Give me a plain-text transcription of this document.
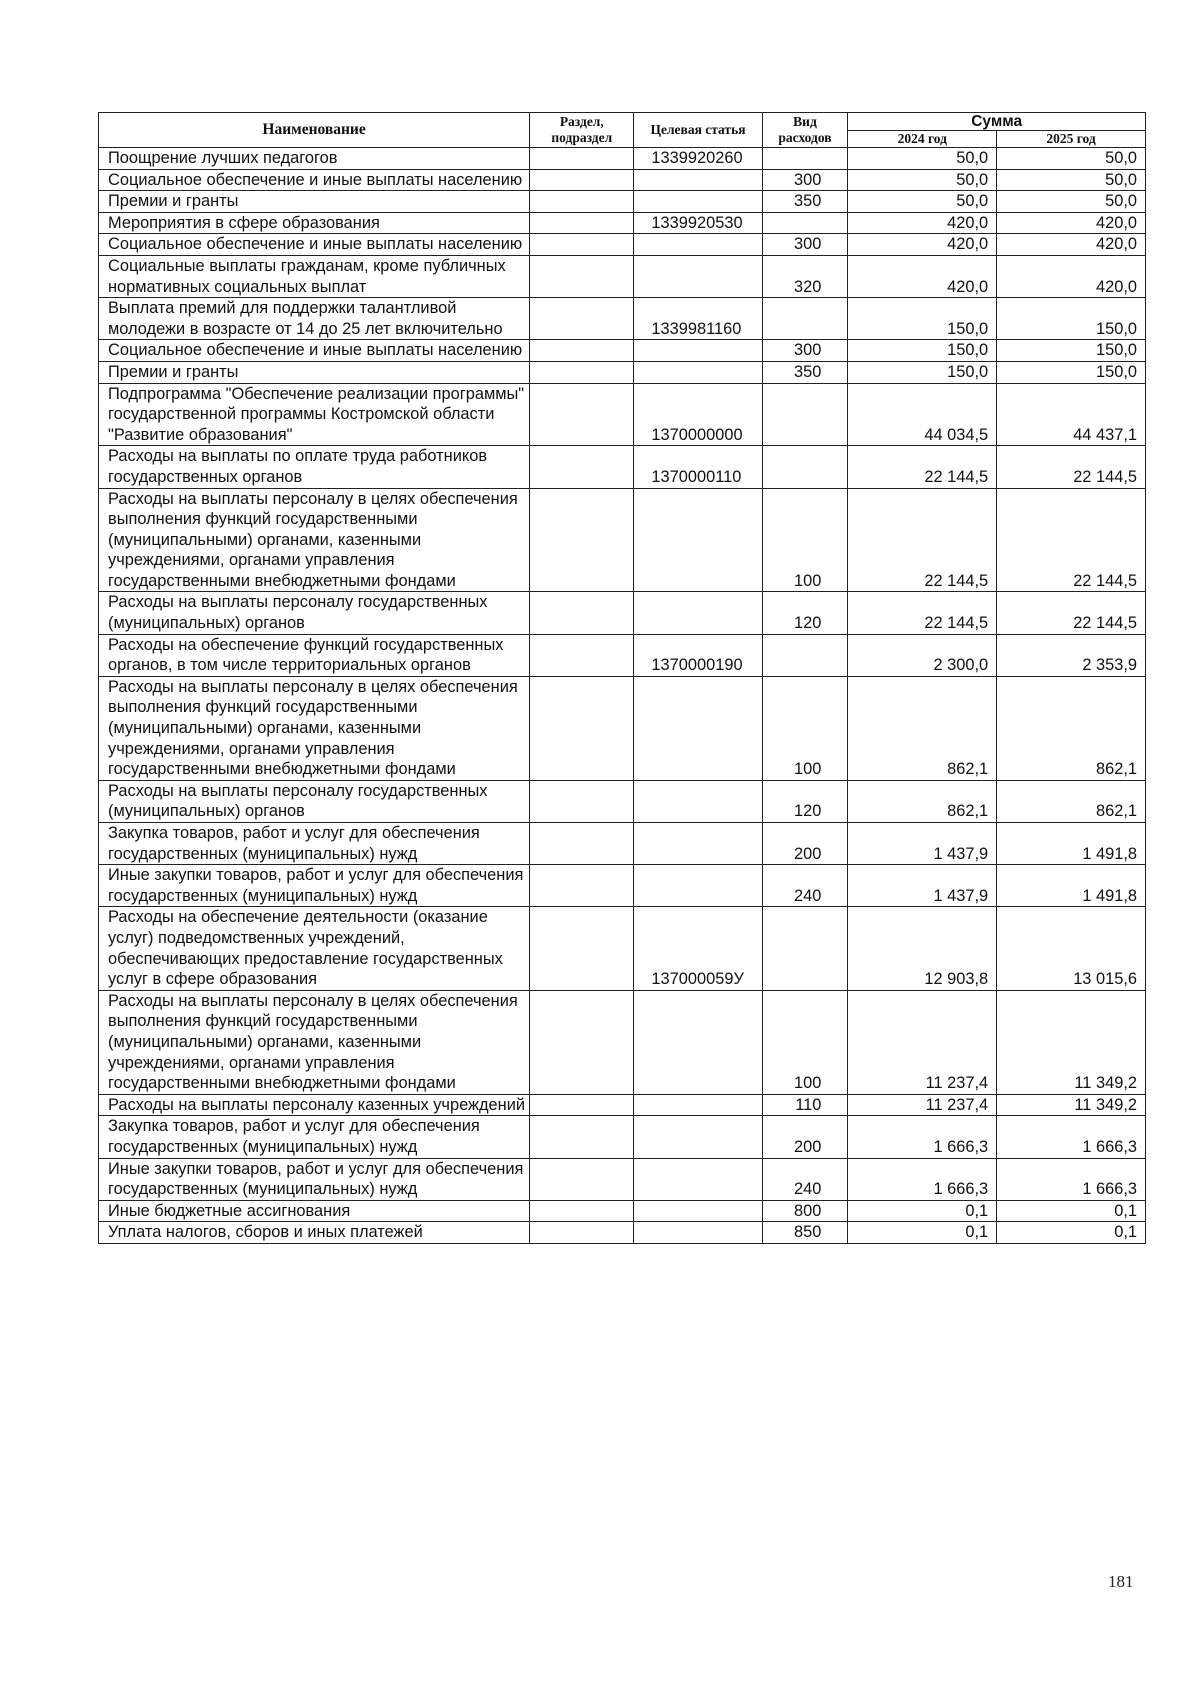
Наименование	Раздел, подраздел	Целевая статья	Вид расходов	Сумма	
				2024 год	2025 год
Поощрение лучших педагогов		1339920260		50,0	50,0
Социальное обеспечение и иные выплаты населению			300	50,0	50,0
Премии и гранты			350	50,0	50,0
Мероприятия в сфере образования		1339920530		420,0	420,0
Социальное обеспечение и иные выплаты населению			300	420,0	420,0
Социальные выплаты гражданам, кроме публичных нормативных социальных выплат			320	420,0	420,0
Выплата премий для поддержки талантливой молодежи в возрасте от 14 до 25 лет включительно		1339981160		150,0	150,0
Социальное обеспечение и иные выплаты населению			300	150,0	150,0
Премии и гранты			350	150,0	150,0
Подпрограмма "Обеспечение реализации программы" государственной программы Костромской области "Развитие образования"		1370000000		44 034,5	44 437,1
Расходы на выплаты по оплате труда работников государственных органов		1370000110		22 144,5	22 144,5
Расходы на выплаты персоналу в целях обеспечения выполнения функций государственными (муниципальными) органами, казенными учреждениями, органами управления государственными внебюджетными фондами			100	22 144,5	22 144,5
Расходы на выплаты персоналу государственных (муниципальных) органов			120	22 144,5	22 144,5
Расходы на обеспечение функций государственных органов, в том числе территориальных органов		1370000190		2 300,0	2 353,9
Расходы на выплаты персоналу в целях обеспечения выполнения функций государственными (муниципальными) органами, казенными учреждениями, органами управления государственными внебюджетными фондами			100	862,1	862,1
Расходы на выплаты персоналу государственных (муниципальных) органов			120	862,1	862,1
Закупка товаров, работ и услуг для обеспечения государственных (муниципальных) нужд			200	1 437,9	1 491,8
Иные закупки товаров, работ и услуг для обеспечения государственных (муниципальных) нужд			240	1 437,9	1 491,8
Расходы на обеспечение деятельности (оказание услуг) подведомственных учреждений, обеспечивающих предоставление государственных услуг в сфере образования		137000059У		12 903,8	13 015,6
Расходы на выплаты персоналу в целях обеспечения выполнения функций государственными (муниципальными) органами, казенными учреждениями, органами управления государственными внебюджетными фондами			100	11 237,4	11 349,2
Расходы на выплаты персоналу казенных учреждений			110	11 237,4	11 349,2
Закупка товаров, работ и услуг для обеспечения государственных (муниципальных) нужд			200	1 666,3	1 666,3
Иные закупки товаров, работ и услуг для обеспечения государственных (муниципальных) нужд			240	1 666,3	1 666,3
Иные бюджетные ассигнования			800	0,1	0,1
Уплата налогов, сборов и иных платежей			850	0,1	0,1
181
